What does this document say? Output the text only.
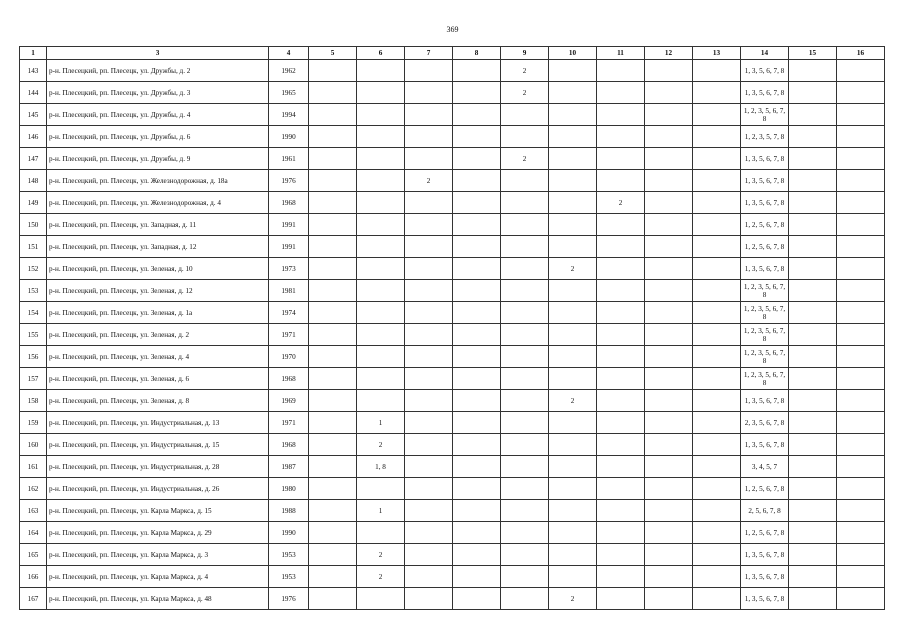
369
1	3	4	5	6	7	8	9	10	11	12	13	14	15	16
143	р-н. Плесецкий, рп. Плесецк, ул. Дружбы, д. 2	1962					2					1, 3, 5, 6, 7, 8		
144	р-н. Плесецкий, рп. Плесецк, ул. Дружбы, д. 3	1965					2					1, 3, 5, 6, 7, 8		
145	р-н. Плесецкий, рп. Плесецк, ул. Дружбы, д. 4	1994										1, 2, 3, 5, 6, 7, 8		
146	р-н. Плесецкий, рп. Плесецк, ул. Дружбы, д. 6	1990										1, 2, 3, 5, 7, 8		
147	р-н. Плесецкий, рп. Плесецк, ул. Дружбы, д. 9	1961					2					1, 3, 5, 6, 7, 8		
148	р-н. Плесецкий, рп. Плесецк, ул. Железнодорожная, д. 18а	1976			2							1, 3, 5, 6, 7, 8		
149	р-н. Плесецкий, рп. Плесецк, ул. Железнодорожная, д. 4	1968							2			1, 3, 5, 6, 7, 8		
150	р-н. Плесецкий, рп. Плесецк, ул. Западная, д. 11	1991										1, 2, 5, 6, 7, 8		
151	р-н. Плесецкий, рп. Плесецк, ул. Западная, д. 12	1991										1, 2, 5, 6, 7, 8		
152	р-н. Плесецкий, рп. Плесецк, ул. Зеленая, д. 10	1973						2				1, 3, 5, 6, 7, 8		
153	р-н. Плесецкий, рп. Плесецк, ул. Зеленая, д. 12	1981										1, 2, 3, 5, 6, 7, 8		
154	р-н. Плесецкий, рп. Плесецк, ул. Зеленая, д. 1а	1974										1, 2, 3, 5, 6, 7, 8		
155	р-н. Плесецкий, рп. Плесецк, ул. Зеленая, д. 2	1971										1, 2, 3, 5, 6, 7, 8		
156	р-н. Плесецкий, рп. Плесецк, ул. Зеленая, д. 4	1970										1, 2, 3, 5, 6, 7, 8		
157	р-н. Плесецкий, рп. Плесецк, ул. Зеленая, д. 6	1968										1, 2, 3, 5, 6, 7, 8		
158	р-н. Плесецкий, рп. Плесецк, ул. Зеленая, д. 8	1969						2				1, 3, 5, 6, 7, 8		
159	р-н. Плесецкий, рп. Плесецк, ул. Индустриальная, д. 13	1971		1								2, 3, 5, 6, 7, 8		
160	р-н. Плесецкий, рп. Плесецк, ул. Индустриальная, д. 15	1968		2								1, 3, 5, 6, 7, 8		
161	р-н. Плесецкий, рп. Плесецк, ул. Индустриальная, д. 28	1987		1, 8								3, 4, 5, 7		
162	р-н. Плесецкий, рп. Плесецк, ул. Индустриальная, д. 26	1980										1, 2, 5, 6, 7, 8		
163	р-н. Плесецкий, рп. Плесецк, ул. Карла Маркса, д. 15	1988		1								2, 5, 6, 7, 8		
164	р-н. Плесецкий, рп. Плесецк, ул. Карла Маркса, д. 29	1990										1, 2, 5, 6, 7, 8		
165	р-н. Плесецкий, рп. Плесецк, ул. Карла Маркса, д. 3	1953		2								1, 3, 5, 6, 7, 8		
166	р-н. Плесецкий, рп. Плесецк, ул. Карла Маркса, д. 4	1953		2								1, 3, 5, 6, 7, 8		
167	р-н. Плесецкий, рп. Плесецк, ул. Карла Маркса, д. 48	1976						2				1, 3, 5, 6, 7, 8		
